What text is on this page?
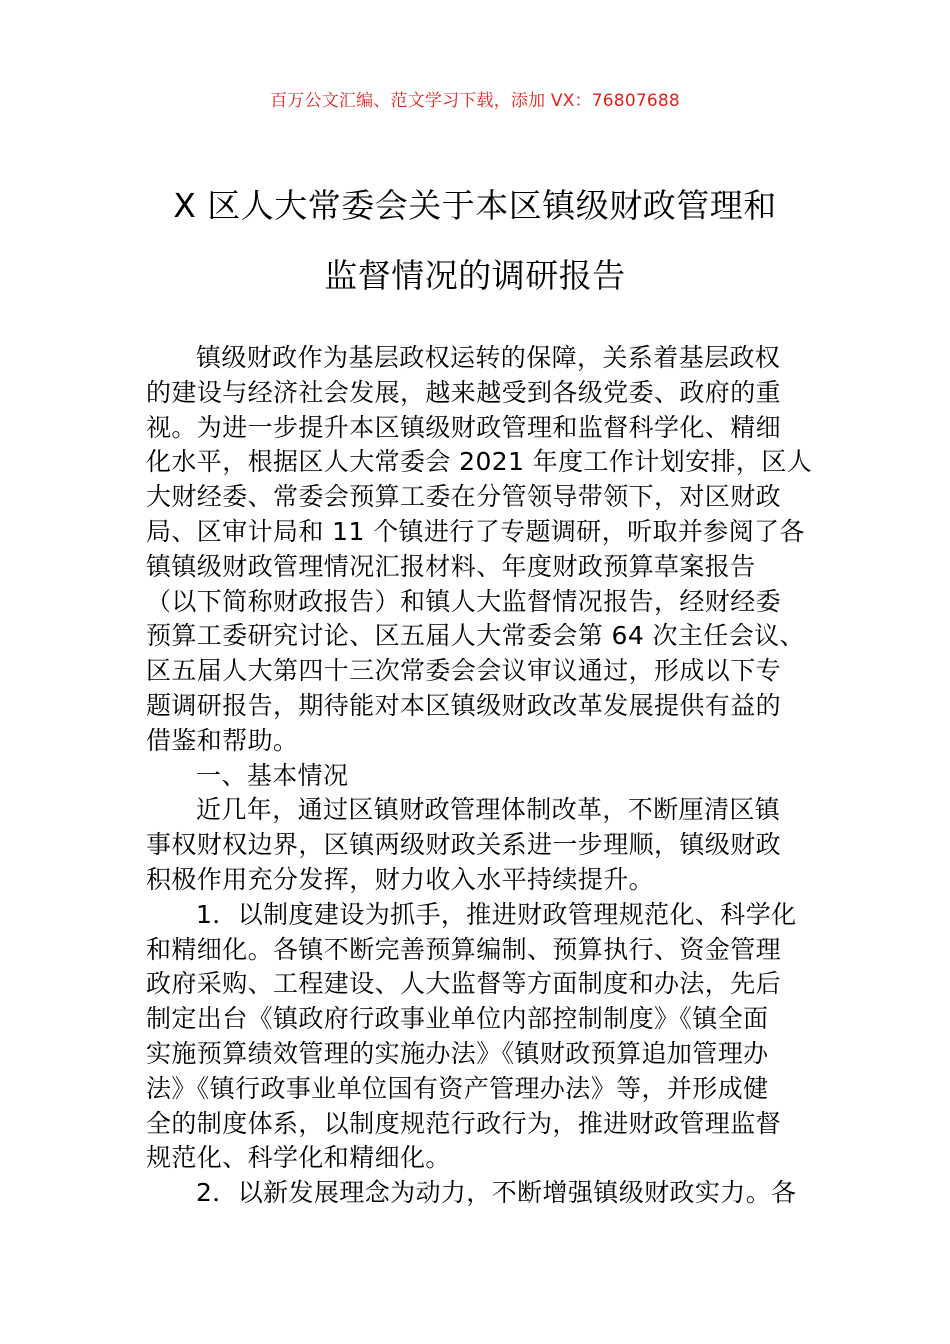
百万公文汇编、范文学习下载，添加 VX：76807688
X 区人大常委会关于本区镇级财政管理和
监督情况的调研报告
镇级财政作为基层政权运转的保障，关系着基层政权
的建设与经济社会发展，越来越受到各级党委、政府的重
视。为进一步提升本区镇级财政管理和监督科学化、精细
化水平，根据区人大常委会 2021 年度工作计划安排，区人
大财经委、常委会预算工委在分管领导带领下，对区财政
局、区审计局和 11 个镇进行了专题调研，听取并参阅了各
镇镇级财政管理情况汇报材料、年度财政预算草案报告
（以下简称财政报告）和镇人大监督情况报告，经财经委
预算工委研究讨论、区五届人大常委会第 64 次主任会议、
区五届人大第四十三次常委会会议审议通过，形成以下专
题调研报告，期待能对本区镇级财政改革发展提供有益的
借鉴和帮助。
一、基本情况
近几年，通过区镇财政管理体制改革，不断厘清区镇
事权财权边界，区镇两级财政关系进一步理顺，镇级财政
积极作用充分发挥，财力收入水平持续提升。
1．以制度建设为抓手，推进财政管理规范化、科学化
和精细化。各镇不断完善预算编制、预算执行、资金管理
政府采购、工程建设、人大监督等方面制度和办法，先后
制定出台《镇政府行政事业单位内部控制制度》《镇全面
实施预算绩效管理的实施办法》《镇财政预算追加管理办
法》《镇行政事业单位国有资产管理办法》等，并形成健
全的制度体系，以制度规范行政行为，推进财政管理监督
规范化、科学化和精细化。
2．以新发展理念为动力，不断增强镇级财政实力。各
